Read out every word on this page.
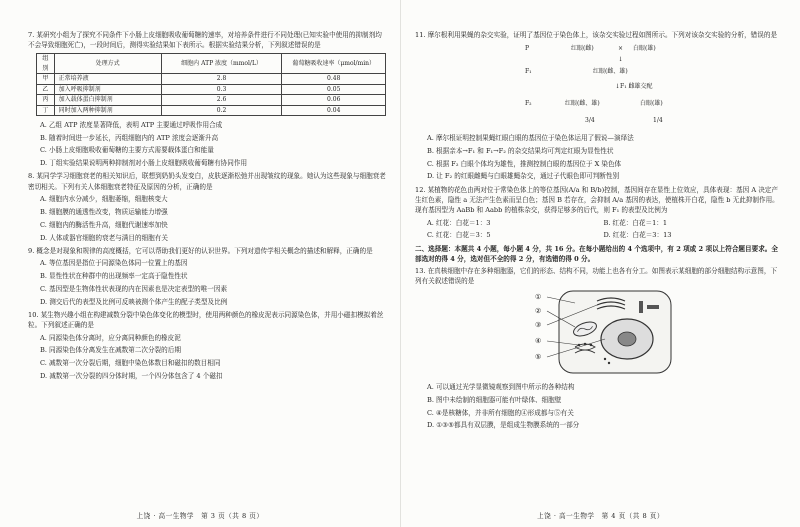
7. 某研究小组为了探究不同条件下小肠上皮细胞吸收葡萄糖的速率，对培养条件进行不同处理(已知实验中使用的抑制剂均不会导致细胞死亡)，一段时间后，测得实验结果如下表所示。根据实验结果分析，下列叙述错误的是
组别	处理方式	细胞内 ATP 浓度（mmol/L）	葡萄糖吸收速率（μmol/min）
甲	正常培养液	2.8	0.48
乙	加入呼吸抑制剂	0.3	0.05
丙	加入载体蛋白抑制剂	2.6	0.06
丁	同时加入两种抑制剂	0.2	0.04
A. 乙组 ATP 浓度显著降低，表明 ATP 主要通过呼吸作用合成
B. 随着时间进一步延长，丙组细胞内的 ATP 浓度会逐渐升高
C. 小肠上皮细胞吸收葡萄糖的主要方式需要载体蛋白和能量
D. 丁组实验结果说明两种抑制剂对小肠上皮细胞吸收葡萄糖有协同作用
8. 某同学学习细胞衰老的相关知识后，联想到奶奶头发变白，皮肤逐渐松弛并出现皱纹的现象。她认为这些现象与细胞衰老密切相关。下列有关人体细胞衰老特征及原因的分析，正确的是
A. 细胞内水分减少，细胞萎缩，细胞核变大
B. 细胞膜的通透性改变，物质运输能力增强
C. 细胞内的酶活性升高，细胞代谢速率加快
D. 人体或器官细胞的衰老与满目的细胞有关
9. 概念是对现象和规律的高度概括，它可以帮助我们更好的认识世界。下列对遗传学相关概念的描述和解释，正确的是
A. 等位基因是指位于同源染色体同一位置上的基因
B. 显性性状在种群中的出现频率一定高于隐性性状
C. 基因型是生物体性状表现的内在因素也是决定表型的唯一因素
D. 测交后代的表型及比例可反映被测个体产生的配子类型及比例
10. 某生物兴趣小组在构建减数分裂中染色体变化的模型时，使用两种颜色的橡皮泥表示同源染色体，并用小磁扣模拟着丝粒。下列叙述正确的是
A. 同源染色体分离时，应分离同种颜色的橡皮泥
B. 同源染色体分离发生在减数第二次分裂的后期
C. 减数第一次分裂后期，细胞中染色体数目和磁扣的数目相同
D. 减数第一次分裂的四分体时期，一个四分体包含了 4 个磁扣
上饶 · 高一生物学　第 3 页（共 8 页）
11. 摩尔根利用果蝇的杂交实验，证明了基因位于染色体上，该杂交实验过程如图所示。下列对该杂交实验的分析，错误的是
P	红眼(雌)	× 白眼(雄)
↓
F₁	红眼(雌、雄)
↓F₁ 雌雄交配
F₂	红眼(雌、雄)	白眼(雄)
3/4	1/4
A. 摩尔根证明控制果蝇红眼白眼的基因位于染色体运用了假说—演绎法
B. 根据亲本→F₁ 和 F₁→F₂ 的杂交结果均可判定红眼为显性性状
C. 根据 F₂ 白眼个体均为雄性，推测控制白眼的基因位于 X 染色体
D. 让 F₂ 的红眼雌蝇与白眼雄蝇杂交，通过子代眼色即可判断性别
12. 某植物的花色由两对位于常染色体上的等位基因(A/a 和 B/b)控制，基因间存在显性上位效应，具体表现：基因 A 决定产生红色素，隐性 a 无法产生色素而呈白色；基因 B 若存在，会抑制 A/a 基因的表达，使植株开白花，隐性 b 无此抑制作用。现有基因型为 AaBb 和 Aabb 的植株杂交，获得足够多的后代，则 F₁ 的表型及比例为
A. 红花：白花＝1：3	B. 红花：白花＝1：1
C. 红花：白花＝3：5	D. 红花：白花＝3：13
二、选择题：本题共 4 小题，每小题 4 分，共 16 分。在每小题给出的 4 个选项中，有 2 项或 2 项以上符合题目要求。全部选对的得 4 分，选对但不全的得 2 分，有选错的得 0 分。
13. 在真核细胞中存在多种细胞器，它们的形态、结构不同，功能上也各有分工。如图表示某细胞的部分细胞结构示意图，下列有关叙述错误的是
①
②
③
④
⑤
A. 可以通过光学显微镜观察到图中所示的各种结构
B. 图中未绘制的细胞器可能有叶绿体、细胞壁
C. ④是核糖体，并非所有细胞的④形成都与⑤有关
D. ①③⑤都具有双层膜，是组成生物膜系统的一部分
上饶 · 高一生物学　第 4 页（共 8 页）
